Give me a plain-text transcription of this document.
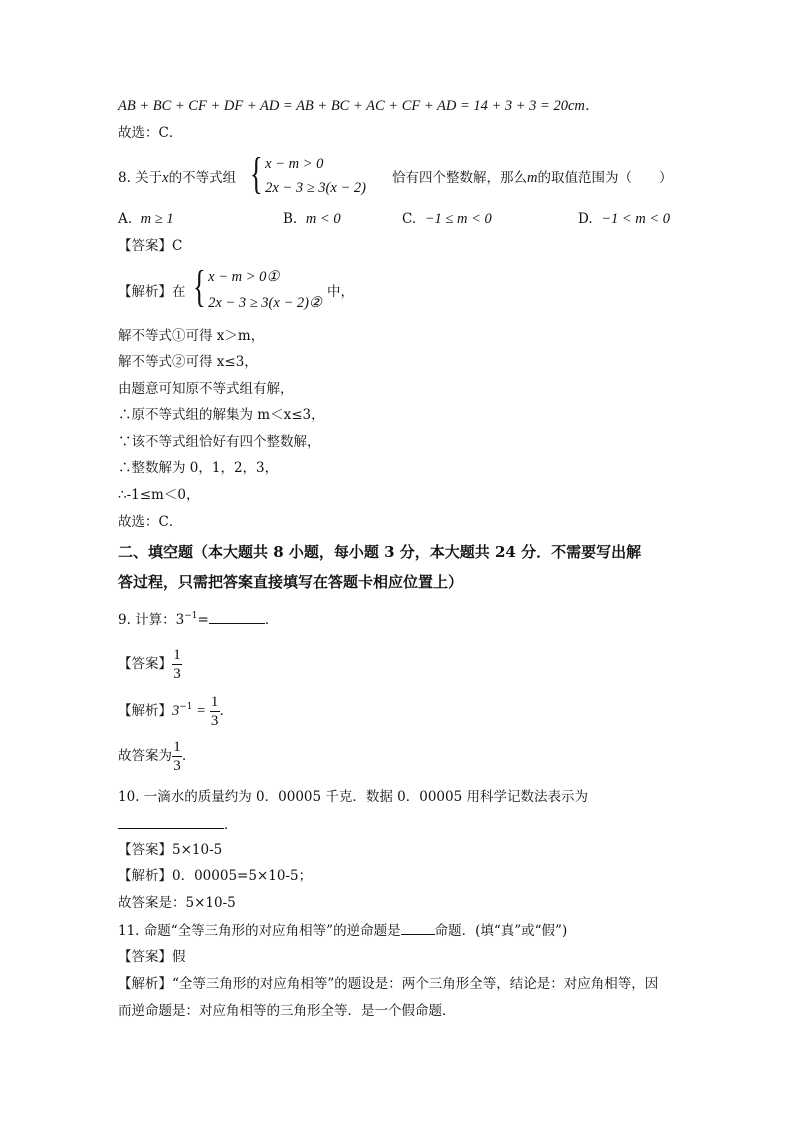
AB + BC + CF + DF + AD = AB + BC + AC + CF + AD = 14 + 3 + 3 = 20cm．
故选：C．
8. 关于x的不等式组 { x − m > 0
2x − 3 ≥ 3(x − 2)
恰有四个整数解，那么m的取值范围为（　　）
A. m ≥ 1	B. m < 0	C. −1 ≤ m < 0	D. −1 < m < 0
【答案】C
【解析】在 { x − m > 0①
2x − 3 ≥ 3(x − 2)②
中，
解不等式①可得 x＞m，
解不等式②可得 x≤3，
由题意可知原不等式组有解，
∴原不等式组的解集为 m＜x≤3，
∵该不等式组恰好有四个整数解，
∴整数解为 0，1，2，3，
∴-1≤m＜0，
故选：C．
二、填空题（本大题共 8 小题，每小题 3 分，本大题共 24 分．不需要写出解
答过程，只需把答案直接填写在答题卡相应位置上）
9. 计算：$3^{-1}=$	．
【答案】 $\frac{1}{3}$
【解析】$3^{-1} = \frac{1}{3}$ ．
故答案为 $\frac{1}{3}$ ．
10. 一滴水的质量约为 0．00005 千克．数据 0．00005 用科学记数法表示为
．
【答案】5×10-5
【解析】0．00005=5×10-5；
故答案是：5×10-5
11. 命题“全等三角形的对应角相等”的逆命题是	命题．(填“真”或“假”)
【答案】假
【解析】“全等三角形的对应角相等”的题设是：两个三角形全等，结论是：对应角相等，因
而逆命题是：对应角相等的三角形全等．是一个假命题．
